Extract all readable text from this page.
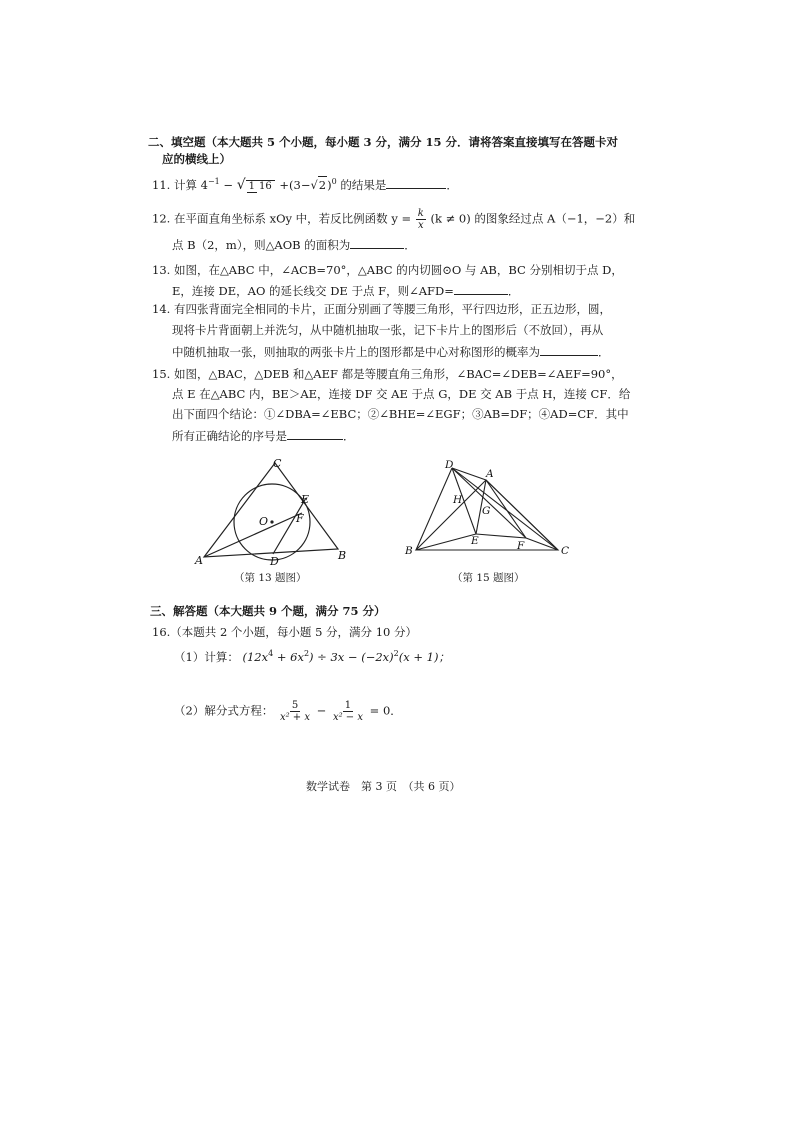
二、填空题（本大题共 5 个小题，每小题 3 分，满分 15 分．请将答案直接填写在答题卡对
应的横线上）
11. 计算 $4^{-1}$ − √ 1 $16 +(3-√2)^0$ 的结果是	．
12. 在平面直角坐标系 xOy 中，若反比例函数 $y = \frac{k}{x} (k \ne 0)$ 的图象经过点 A（−1，−2）和
点 B（2，m），则△AOB 的面积为	．
13. 如图，在△ABC 中，∠ACB=70°，△ABC 的内切圆⊙O 与 AB，BC 分别相切于点 D，
E，连接 DE，AO 的延长线交 DE 于点 F，则∠AFD=	．
14. 有四张背面完全相同的卡片，正面分别画了等腰三角形，平行四边形，正五边形，圆，
现将卡片背面朝上并洗匀，从中随机抽取一张，记下卡片上的图形后（不放回），再从
中随机抽取一张，则抽取的两张卡片上的图形都是中心对称图形的概率为	．
15. 如图，△BAC，△DEB 和△AEF 都是等腰直角三角形，∠BAC=∠DEB=∠AEF=90°，
点 E 在△ABC 内，BE＞AE，连接 DF 交 AE 于点 G，DE 交 AB 于点 H，连接 CF．给
出下面四个结论：①∠DBA=∠EBC；②∠BHE=∠EGF；③AB=DF；④AD=CF．其中
所有正确结论的序号是	．
C
E
O	F
A	D	B
（第 13 题图）
D
A
H
G
E	F
B	C
（第 15 题图）
三、解答题（本大题共 9 个题，满分 75 分）
16.（本题共 2 个小题，每小题 5 分，满分 10 分）
（1）计算： $(12x^4 + 6x^2) \div 3x - (-2x)^2(x + 1)$；
（2）解分式方程： $\frac{5}{\text{x² + x}} - \frac{1}{\text{x² − x}} = 0$．
数学试卷　第 3 页　（共 6 页）
